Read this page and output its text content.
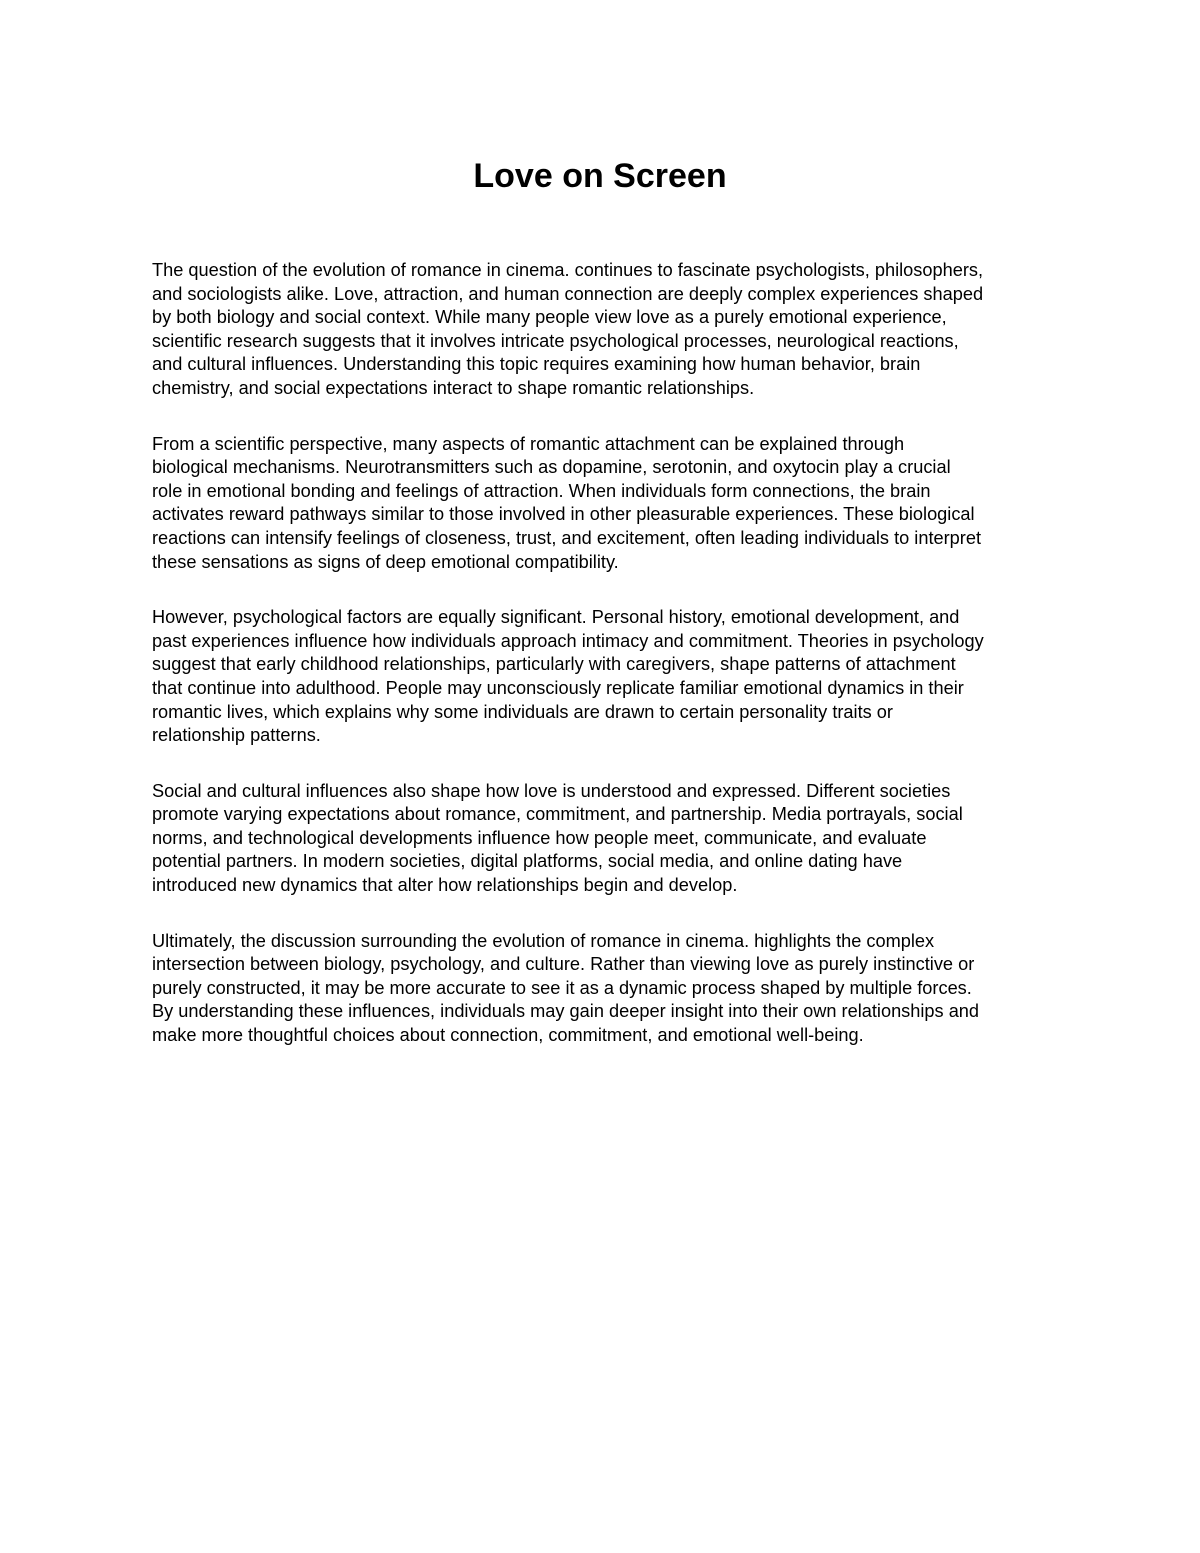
Love on Screen

The question of the evolution of romance in cinema. continues to fascinate psychologists, philosophers,
and sociologists alike. Love, attraction, and human connection are deeply complex experiences shaped
by both biology and social context. While many people view love as a purely emotional experience,
scientific research suggests that it involves intricate psychological processes, neurological reactions,
and cultural influences. Understanding this topic requires examining how human behavior, brain
chemistry, and social expectations interact to shape romantic relationships.

From a scientific perspective, many aspects of romantic attachment can be explained through
biological mechanisms. Neurotransmitters such as dopamine, serotonin, and oxytocin play a crucial
role in emotional bonding and feelings of attraction. When individuals form connections, the brain
activates reward pathways similar to those involved in other pleasurable experiences. These biological
reactions can intensify feelings of closeness, trust, and excitement, often leading individuals to interpret
these sensations as signs of deep emotional compatibility.

However, psychological factors are equally significant. Personal history, emotional development, and
past experiences influence how individuals approach intimacy and commitment. Theories in psychology
suggest that early childhood relationships, particularly with caregivers, shape patterns of attachment
that continue into adulthood. People may unconsciously replicate familiar emotional dynamics in their
romantic lives, which explains why some individuals are drawn to certain personality traits or
relationship patterns.

Social and cultural influences also shape how love is understood and expressed. Different societies
promote varying expectations about romance, commitment, and partnership. Media portrayals, social
norms, and technological developments influence how people meet, communicate, and evaluate
potential partners. In modern societies, digital platforms, social media, and online dating have
introduced new dynamics that alter how relationships begin and develop.

Ultimately, the discussion surrounding the evolution of romance in cinema. highlights the complex
intersection between biology, psychology, and culture. Rather than viewing love as purely instinctive or
purely constructed, it may be more accurate to see it as a dynamic process shaped by multiple forces.
By understanding these influences, individuals may gain deeper insight into their own relationships and
make more thoughtful choices about connection, commitment, and emotional well-being.
